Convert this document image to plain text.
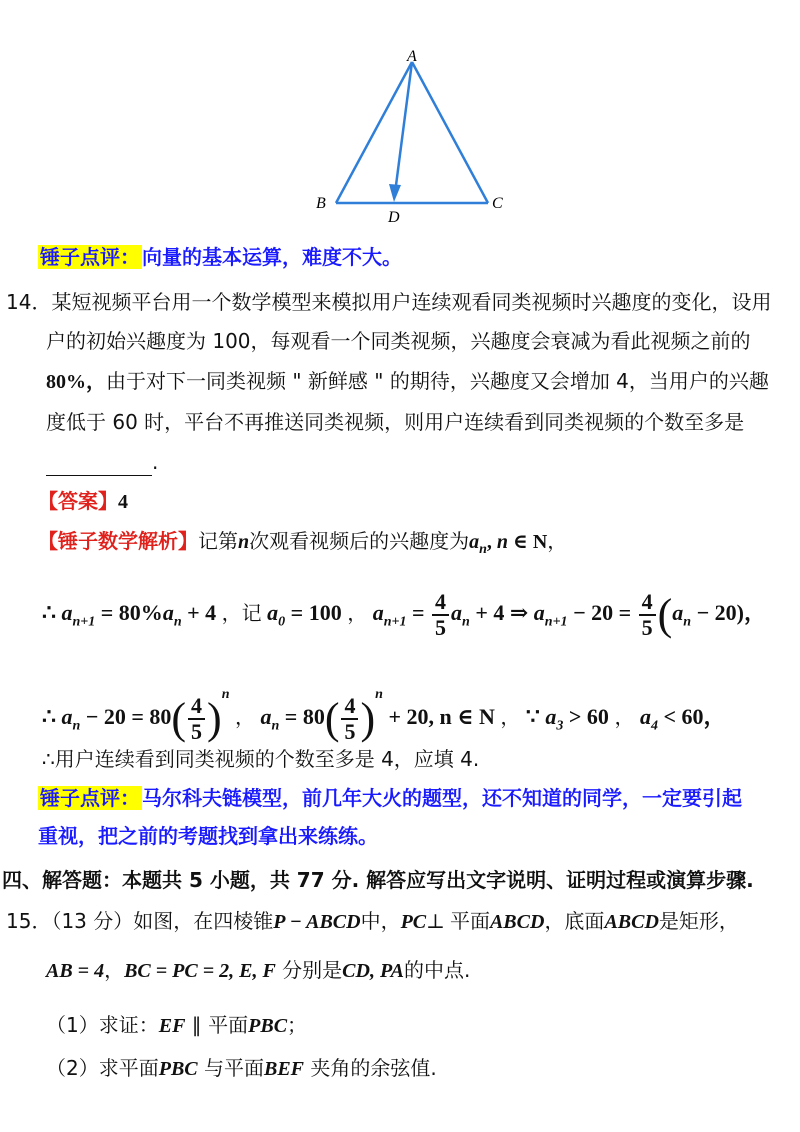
A
B	C
D
锤子点评： 向量的基本运算，难度不大。
14．某短视频平台用一个数学模型来模拟用户连续观看同类视频时兴趣度的变化，设用
户的初始兴趣度为 100，每观看一个同类视频，兴趣度会衰减为看此视频之前的
80%，由于对下一同类视频 " 新鲜感 " 的期待，兴趣度又会增加 4，当用户的兴趣
度低于 60 时，平台不再推送同类视频，则用户连续看到同类视频的个数至多是
.
【答案】4
【锤子数学解析】记第n次观看视频后的兴趣度为$a_n$, n ∈ N，
∴ $a_{n+1} = 80\%a_n + 4$ ，记 $a_0 = 100$ ， $a_{n+1} = \frac{4}{5} a_n + 4$ ⇒ $a_{n+1} - 20 = \frac{4}{5} (a_n - 20)$，
∴ $a_n - 20 = 80( \frac{4}{5} )^n$ ， $a_n = 80( \frac{4}{5} )^n + 20$, n ∈ N ， ∵ $a_3 > 60$ ， $a_4 < 60$，
∴用户连续看到同类视频的个数至多是 4，应填 4.
锤子点评： 马尔科夫链模型，前几年大火的题型，还不知道的同学，一定要引起
重视，把之前的考题找到拿出来练练。
四、解答题：本题共 5 小题，共 77 分. 解答应写出文字说明、证明过程或演算步骤.
15．（13 分）如图，在四棱锥P − ABCD中，PC⊥ 平面ABCD，底面ABCD是矩形，
AB = 4，BC = PC = 2, E, F 分别是CD, PA的中点.
（1）求证：EF ∥ 平面PBC；
（2）求平面PBC 与平面BEF 夹角的余弦值.
